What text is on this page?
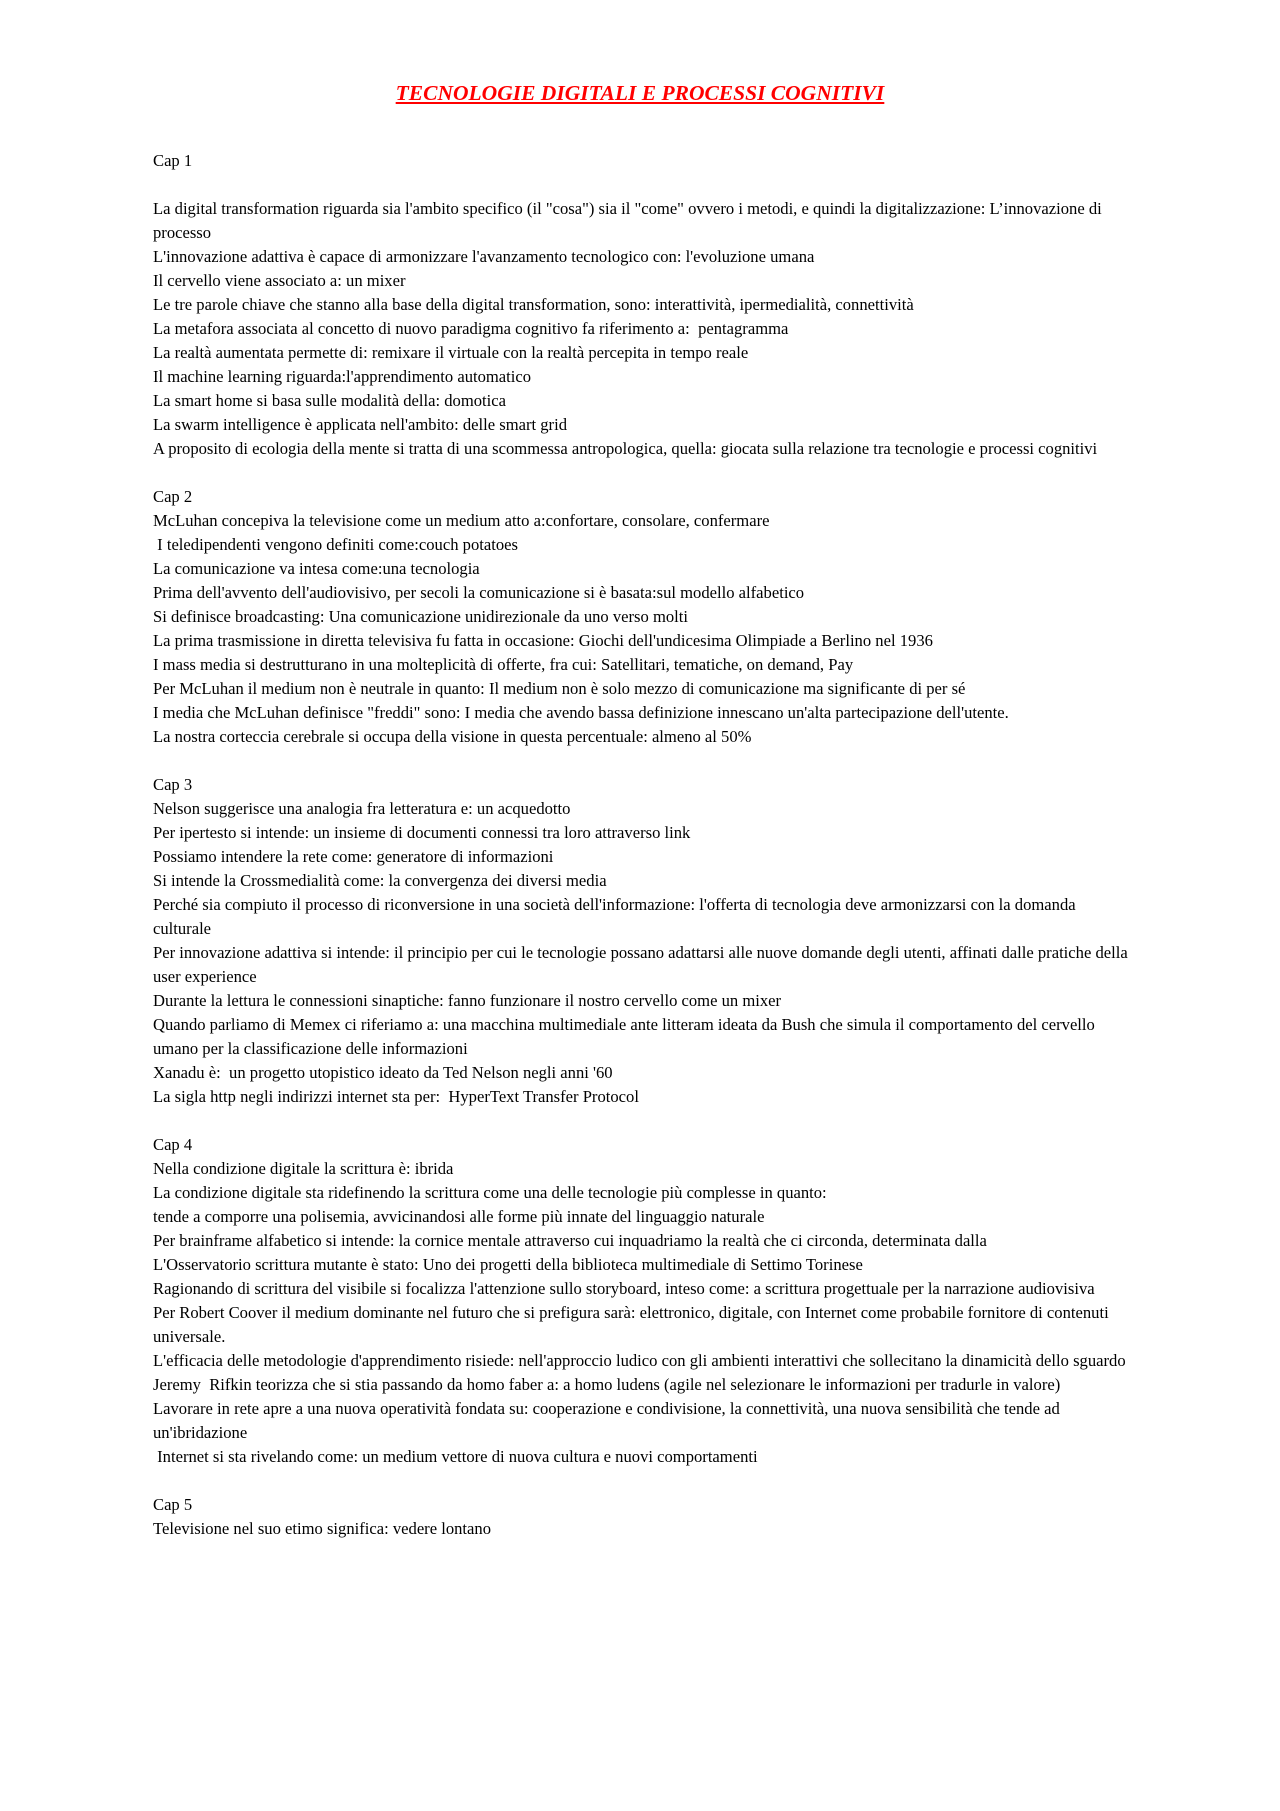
TECNOLOGIE DIGITALI E PROCESSI COGNITIVI
Cap 1
La digital transformation riguarda sia l'ambito specifico (il "cosa") sia il "come" ovvero i metodi, e quindi la digitalizzazione: L’innovazione di processo
L'innovazione adattiva è capace di armonizzare l'avanzamento tecnologico con: l'evoluzione umana
Il cervello viene associato a: un mixer
Le tre parole chiave che stanno alla base della digital transformation, sono: interattività, ipermedialità, connettività
La metafora associata al concetto di nuovo paradigma cognitivo fa riferimento a:  pentagramma
La realtà aumentata permette di: remixare il virtuale con la realtà percepita in tempo reale
Il machine learning riguarda:l'apprendimento automatico
La smart home si basa sulle modalità della: domotica
La swarm intelligence è applicata nell'ambito: delle smart grid
A proposito di ecologia della mente si tratta di una scommessa antropologica, quella: giocata sulla relazione tra tecnologie e processi cognitivi
Cap 2
McLuhan concepiva la televisione come un medium atto a:confortare, consolare, confermare
I teledipendenti vengono definiti come:couch potatoes
La comunicazione va intesa come:una tecnologia
Prima dell'avvento dell'audiovisivo, per secoli la comunicazione si è basata:sul modello alfabetico
Si definisce broadcasting: Una comunicazione unidirezionale da uno verso molti
La prima trasmissione in diretta televisiva fu fatta in occasione: Giochi dell'undicesima Olimpiade a Berlino nel 1936
I mass media si destrutturano in una molteplicità di offerte, fra cui: Satellitari, tematiche, on demand, Pay
Per McLuhan il medium non è neutrale in quanto: Il medium non è solo mezzo di comunicazione ma significante di per sé
I media che McLuhan definisce "freddi" sono: I media che avendo bassa definizione innescano un'alta partecipazione dell'utente.
La nostra corteccia cerebrale si occupa della visione in questa percentuale: almeno al 50%
Cap 3
Nelson suggerisce una analogia fra letteratura e: un acquedotto
Per ipertesto si intende: un insieme di documenti connessi tra loro attraverso link
Possiamo intendere la rete come: generatore di informazioni
Si intende la Crossmedialità come: la convergenza dei diversi media
Perché sia compiuto il processo di riconversione in una società dell'informazione: l'offerta di tecnologia deve armonizzarsi con la domanda culturale
Per innovazione adattiva si intende: il principio per cui le tecnologie possano adattarsi alle nuove domande degli utenti, affinati dalle pratiche della user experience
Durante la lettura le connessioni sinaptiche: fanno funzionare il nostro cervello come un mixer
Quando parliamo di Memex ci riferiamo a: una macchina multimediale ante litteram ideata da Bush che simula il comportamento del cervello umano per la classificazione delle informazioni
Xanadu è:  un progetto utopistico ideato da Ted Nelson negli anni '60
La sigla http negli indirizzi internet sta per:  HyperText Transfer Protocol
Cap 4
Nella condizione digitale la scrittura è: ibrida
La condizione digitale sta ridefinendo la scrittura come una delle tecnologie più complesse in quanto:
tende a comporre una polisemia, avvicinandosi alle forme più innate del linguaggio naturale
Per brainframe alfabetico si intende: la cornice mentale attraverso cui inquadriamo la realtà che ci circonda, determinata dalla
L'Osservatorio scrittura mutante è stato: Uno dei progetti della biblioteca multimediale di Settimo Torinese
Ragionando di scrittura del visibile si focalizza l'attenzione sullo storyboard, inteso come: a scrittura progettuale per la narrazione audiovisiva
Per Robert Coover il medium dominante nel futuro che si prefigura sarà: elettronico, digitale, con Internet come probabile fornitore di contenuti universale.
L'efficacia delle metodologie d'apprendimento risiede: nell'approccio ludico con gli ambienti interattivi che sollecitano la dinamicità dello sguardo
Jeremy  Rifkin teorizza che si stia passando da homo faber a: a homo ludens (agile nel selezionare le informazioni per tradurle in valore)
Lavorare in rete apre a una nuova operatività fondata su: cooperazione e condivisione, la connettività, una nuova sensibilità che tende ad un'ibridazione
Internet si sta rivelando come: un medium vettore di nuova cultura e nuovi comportamenti
Cap 5
Televisione nel suo etimo significa: vedere lontano
